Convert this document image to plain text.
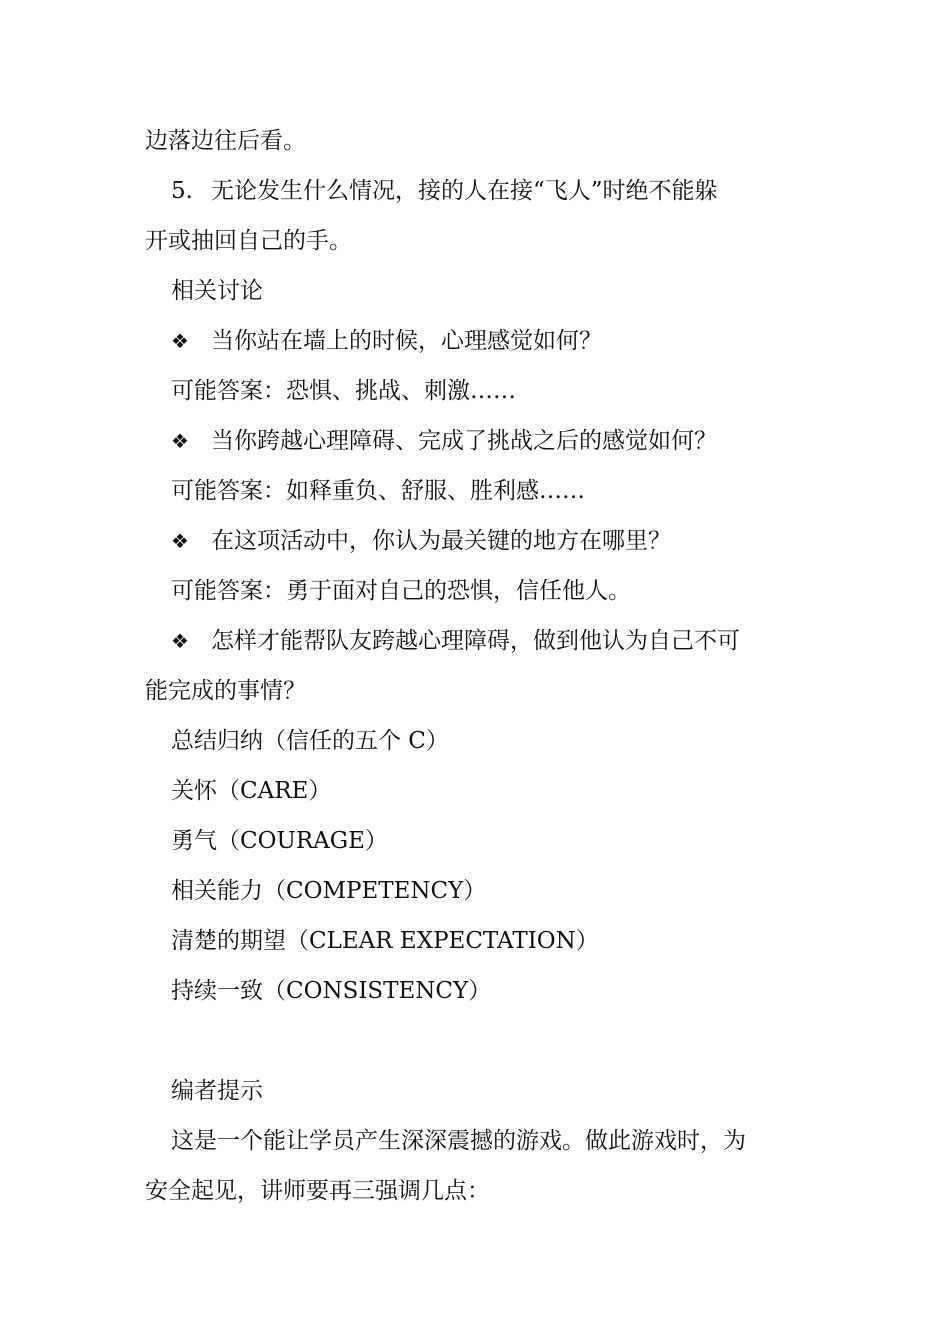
边落边往后看。
5. 无论发生什么情况，接的人在接“飞人”时绝不能躲
开或抽回自己的手。
相关讨论
❖ 当你站在墙上的时候，心理感觉如何？
可能答案：恐惧、挑战、刺激……
❖ 当你跨越心理障碍、完成了挑战之后的感觉如何？
可能答案：如释重负、舒服、胜利感……
❖ 在这项活动中，你认为最关键的地方在哪里？
可能答案：勇于面对自己的恐惧，信任他人。
❖ 怎样才能帮队友跨越心理障碍，做到他认为自己不可
能完成的事情？
总结归纳（信任的五个 C）
关怀（CARE）
勇气（COURAGE）
相关能力（COMPETENCY）
清楚的期望（CLEAR EXPECTATION）
持续一致（CONSISTENCY）
编者提示
这是一个能让学员产生深深震撼的游戏。做此游戏时，为
安全起见，讲师要再三强调几点：
